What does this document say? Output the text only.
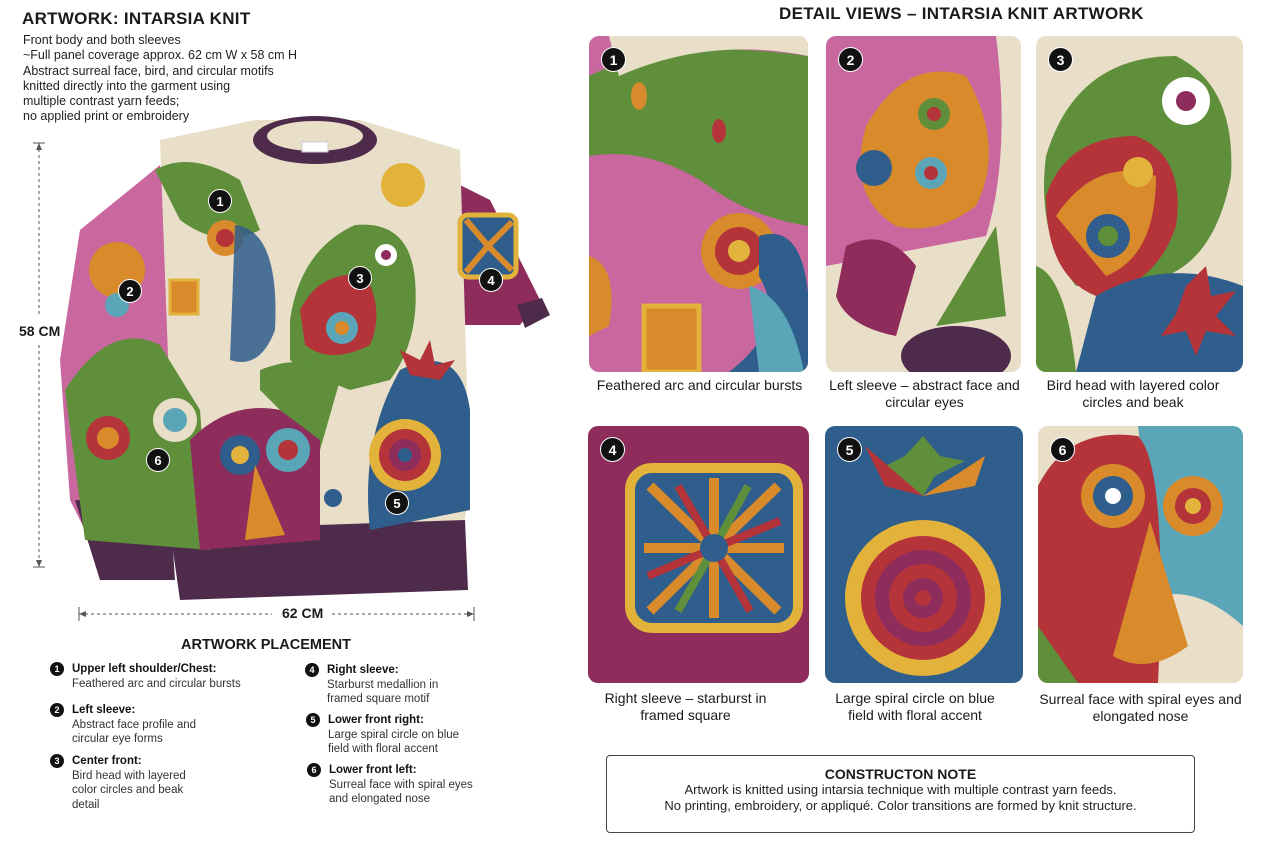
ARTWORK: INTARSIA KNIT
Front body and both sleeves
~Full panel coverage approx. 62 cm W x 58 cm H
Abstract surreal face, bird, and circular motifs
knitted directly into the garment using
multiple contrast yarn feeds;
no applied print or embroidery
58 CM
62 CM
1
2
3	4
5
6
ARTWORK PLACEMENT
1	Upper left shoulder/Chest:
Feathered arc and circular bursts
2	Left sleeve:
Abstract face profile and circular eye forms
3	Center front:
Bird head with layered color circles and beak detail
4	Right sleeve:
Starburst medallion in framed square motif
5	Lower front right:
Large spiral circle on blue field with floral accent
6	Lower front left:
Surreal face with spiral eyes and elongated nose
DETAIL VIEWS – INTARSIA KNIT ARTWORK
1
Feathered arc and circular bursts
2
Left sleeve – abstract face and circular eyes
3
Bird head with layered color circles and beak
4
Right sleeve – starburst in framed square
5
Large spiral circle on blue field with floral accent
6
Surreal face with spiral eyes and elongated nose
CONSTRUCTON NOTE
Artwork is knitted using intarsia technique with multiple contrast yarn feeds.
No printing, embroidery, or appliqué. Color transitions are formed by knit structure.
